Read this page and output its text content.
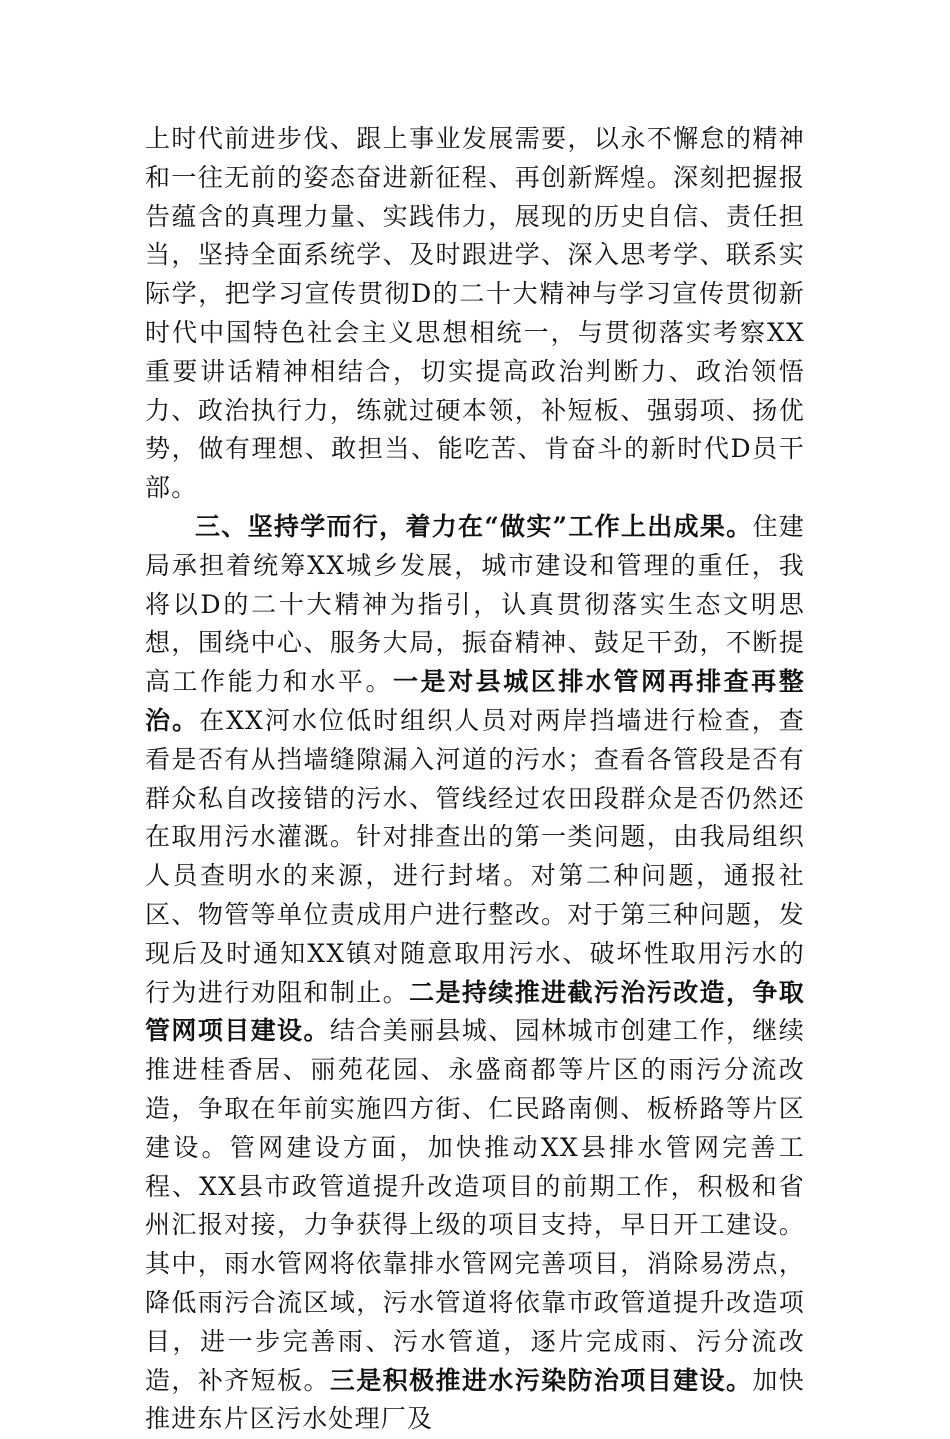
上时代前进步伐、跟上事业发展需要，以永不懈怠的精神和一往无前的姿态奋进新征程、再创新辉煌。深刻把握报告蕴含的真理力量、实践伟力，展现的历史自信、责任担当，坚持全面系统学、及时跟进学、深入思考学、联系实际学，把学习宣传贯彻D的二十大精神与学习宣传贯彻新时代中国特色社会主义思想相统一，与贯彻落实考察XX重要讲话精神相结合，切实提高政治判断力、政治领悟力、政治执行力，练就过硬本领，补短板、强弱项、扬优势，做有理想、敢担当、能吃苦、肯奋斗的新时代D员干部。

三、坚持学而行，着力在“做实”工作上出成果。住建局承担着统筹XX城乡发展，城市建设和管理的重任，我将以D的二十大精神为指引，认真贯彻落实生态文明思想，围绕中心、服务大局，振奋精神、鼓足干劲，不断提高工作能力和水平。一是对县城区排水管网再排查再整治。在XX河水位低时组织人员对两岸挡墙进行检查，查看是否有从挡墙缝隙漏入河道的污水；查看各管段是否有群众私自改接错的污水、管线经过农田段群众是否仍然还在取用污水灌溉。针对排查出的第一类问题，由我局组织人员查明水的来源，进行封堵。对第二种问题，通报社区、物管等单位责成用户进行整改。对于第三种问题，发现后及时通知XX镇对随意取用污水、破坏性取用污水的行为进行劝阻和制止。二是持续推进截污治污改造，争取管网项目建设。结合美丽县城、园林城市创建工作，继续推进桂香居、丽苑花园、永盛商都等片区的雨污分流改造，争取在年前实施四方街、仁民路南侧、板桥路等片区建设。管网建设方面，加快推动XX县排水管网完善工程、XX县市政管道提升改造项目的前期工作，积极和省州汇报对接，力争获得上级的项目支持，早日开工建设。其中，雨水管网将依靠排水管网完善项目，消除易涝点，降低雨污合流区域，污水管道将依靠市政管道提升改造项目，进一步完善雨、污水管道，逐片完成雨、污分流改造，补齐短板。三是积极推进水污染防治项目建设。加快推进东片区污水处理厂及
